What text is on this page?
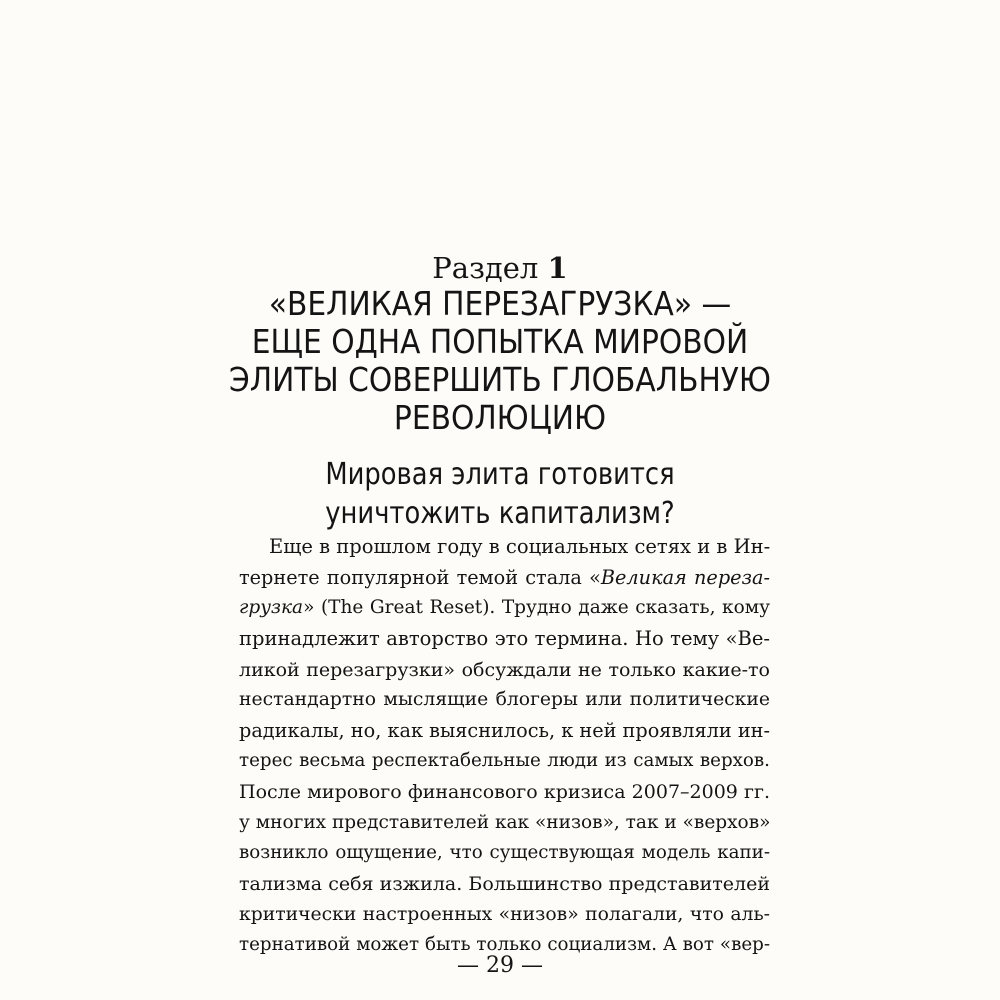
Раздел 1
«ВЕЛИКАЯ ПЕРЕЗАГРУЗКА» —
ЕЩЕ ОДНА ПОПЫТКА МИРОВОЙ
ЭЛИТЫ СОВЕРШИТЬ ГЛОБАЛЬНУЮ
РЕВОЛЮЦИЮ
Мировая элита готовится
уничтожить капитализм?
Еще в прошлом году в социальных сетях и в Ин-
тернете популярной темой стала «Великая переза-
грузка» (The Great Reset). Трудно даже сказать, кому
принадлежит авторство это термина. Но тему «Ве-
ликой перезагрузки» обсуждали не только какие-то
нестандартно мыслящие блогеры или политические
радикалы, но, как выяснилось, к ней проявляли ин-
терес весьма респектабельные люди из самых верхов.
После мирового финансового кризиса 2007–2009 гг.
у многих представителей как «низов», так и «верхов»
возникло ощущение, что существующая модель капи-
тализма себя изжила. Большинство представителей
критически настроенных «низов» полагали, что аль-
тернативой может быть только социализм. А вот «вер-
— 29 —
